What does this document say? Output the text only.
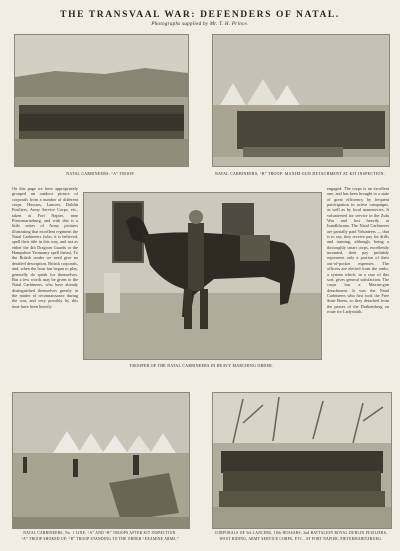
THE TRANSVAAL WAR: DEFENDERS OF NATAL.
Photographs supplied by Mr. T. H. Prince.
NATAL CARBINEERS: “A” TROOP.	NATAL CARBINEERS, “B” TROOP: MAXIM-GUN DETACHMENT AT KIT INSPECTION.
On this page we have appropriately grouped an outdoor picture of corporals from a number of different corps. Hussars, Lancers, Dublin Fusiliers, Army Service Corps, etc., taken at Fort Napier, near Pietermaritzburg, and with this is a little series of Army pictures illustrating that excellent regiment the Natal Carbineers (who, it is believed, spell their title in this way, and not as either the 4th Dragoon Guards or the Hampshire Yeomanry spell theirs). To the British reader we need give no detailed description. British corporals, and, when the hour has begun to play, generally do speak for themselves. But a few words may be given to the Natal Carbineers, who have already distinguished themselves greatly in the matter of reconnaissance during the war, and very possibly by this time have been heavily
engaged. The corps is an excellent one, and has been brought to a state of great efficiency by frequent participation in active campaigns, as well as by local manoeuvres. It volunteered for service in the Zulu War and lost heavily at Isandhlwana. The Natal Carbineers are partially paid Volunteers — that is to say, they receive pay for drills and training, although, being a thoroughly smart corps, excellently mounted, their pay probably represents only a portion of their out-of-pocket expenses. The officers are elected from the ranks, a system which, in a case of this sort, gives general satisfaction. The corps has a Maxim-gun detachment. It was the Natal Carbineers who first took the Free State Boers, so they detached from the passes of the Drakensberg on route for Ladysmith.
TROOPER OF THE NATAL CARBINEERS IN HEAVY MARCHING ORDER.
NATAL CARBINEERS, No. 1 LINE: “A” AND “B” TROOPS AFTER KIT INSPECTION.
“A” TROOP SHOKED UP; “B” TROOP STANDING TO THE ORDER “EXAMINE ARMS.”
CORPORALS OF 5th LANCERS, 18th HUSSARS, 2nd BATTALION ROYAL DUBLIN FUSILIERS,
WEST RIDING, ARMY SERVICE CORPS, ETC., AT FORT NAPIER, PIETERMARITZBURG.
